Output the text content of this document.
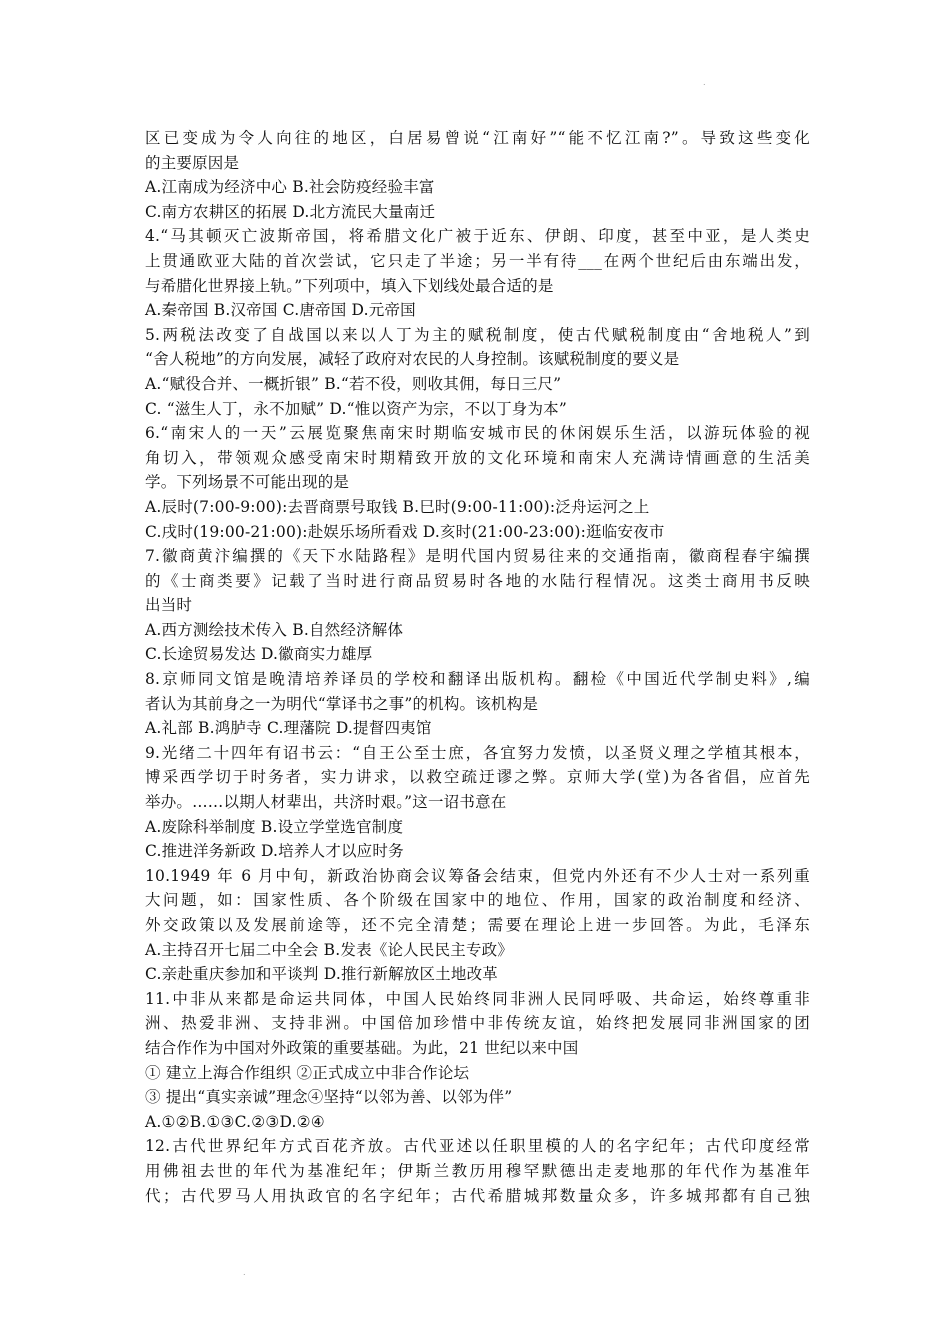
.
区已变成为令人向往的地区，白居易曾说“江南好”“能不忆江南?”。导致这些变化
的主要原因是
A.江南成为经济中心 B.社会防疫经验丰富
C.南方农耕区的拓展 D.北方流民大量南迁
4.“马其顿灭亡波斯帝国，将希腊文化广被于近东、伊朗、印度，甚至中亚，是人类史
上贯通欧亚大陆的首次尝试，它只走了半途；另一半有待___在两个世纪后由东端出发，
与希腊化世界接上轨。”下列项中，填入下划线处最合适的是
A.秦帝国 B.汉帝国 C.唐帝国 D.元帝国
5.两税法改变了自战国以来以人丁为主的赋税制度，使古代赋税制度由“舍地税人”到
“舍人税地”的方向发展，减轻了政府对农民的人身控制。该赋税制度的要义是
A.“赋役合并、一概折银” B.“若不役，则收其佣，每日三尺”
C. “滋生人丁，永不加赋” D.“惟以资产为宗，不以丁身为本”
6.“南宋人的一天”云展览聚焦南宋时期临安城市民的休闲娱乐生活，以游玩体验的视
角切入，带领观众感受南宋时期精致开放的文化环境和南宋人充满诗情画意的生活美
学。下列场景不可能出现的是
A.辰时(7:00-9:00):去晋商票号取钱 B.巳时(9:00-11:00):泛舟运河之上
C.戌时(19:00-21:00):赴娱乐场所看戏 D.亥时(21:00-23:00):逛临安夜市
7.徽商黄汴编撰的《天下水陆路程》是明代国内贸易往来的交通指南，徽商程春宇编撰
的《士商类要》记载了当时进行商品贸易时各地的水陆行程情况。这类士商用书反映
出当时
A.西方测绘技术传入 B.自然经济解体
C.长途贸易发达 D.徽商实力雄厚
8.京师同文馆是晚清培养译员的学校和翻译出版机构。翻检《中国近代学制史料》,编
者认为其前身之一为明代“掌译书之事”的机构。该机构是
A.礼部 B.鸿胪寺 C.理藩院 D.提督四夷馆
9.光绪二十四年有诏书云：“自王公至士庶，各宜努力发愤，以圣贤义理之学植其根本，
博采西学切于时务者，实力讲求，以救空疏迂谬之弊。京师大学(堂)为各省倡，应首先
举办。……以期人材辈出，共济时艰。”这一诏书意在
A.废除科举制度 B.设立学堂选官制度
C.推进洋务新政 D.培养人才以应时务
10.1949 年 6 月中旬，新政治协商会议筹备会结束，但党内外还有不少人士对一系列重
大问题，如：国家性质、各个阶级在国家中的地位、作用，国家的政治制度和经济、
外交政策以及发展前途等，还不完全清楚；需要在理论上进一步回答。为此，毛泽东
A.主持召开七届二中全会 B.发表《论人民民主专政》
C.亲赴重庆参加和平谈判 D.推行新解放区土地改革
11.中非从来都是命运共同体，中国人民始终同非洲人民同呼吸、共命运，始终尊重非
洲、热爱非洲、支持非洲。中国倍加珍惜中非传统友谊，始终把发展同非洲国家的团
结合作作为中国对外政策的重要基础。为此，21 世纪以来中国
① 建立上海合作组织 ②正式成立中非合作论坛
③ 提出“真实亲诚”理念④坚持“以邻为善、以邻为伴”
A.①②B.①③C.②③D.②④
12.古代世界纪年方式百花齐放。古代亚述以任职里模的人的名字纪年；古代印度经常
用佛祖去世的年代为基准纪年；伊斯兰教历用穆罕默德出走麦地那的年代作为基准年
代；古代罗马人用执政官的名字纪年；古代希腊城邦数量众多，许多城邦都有自己独
.
